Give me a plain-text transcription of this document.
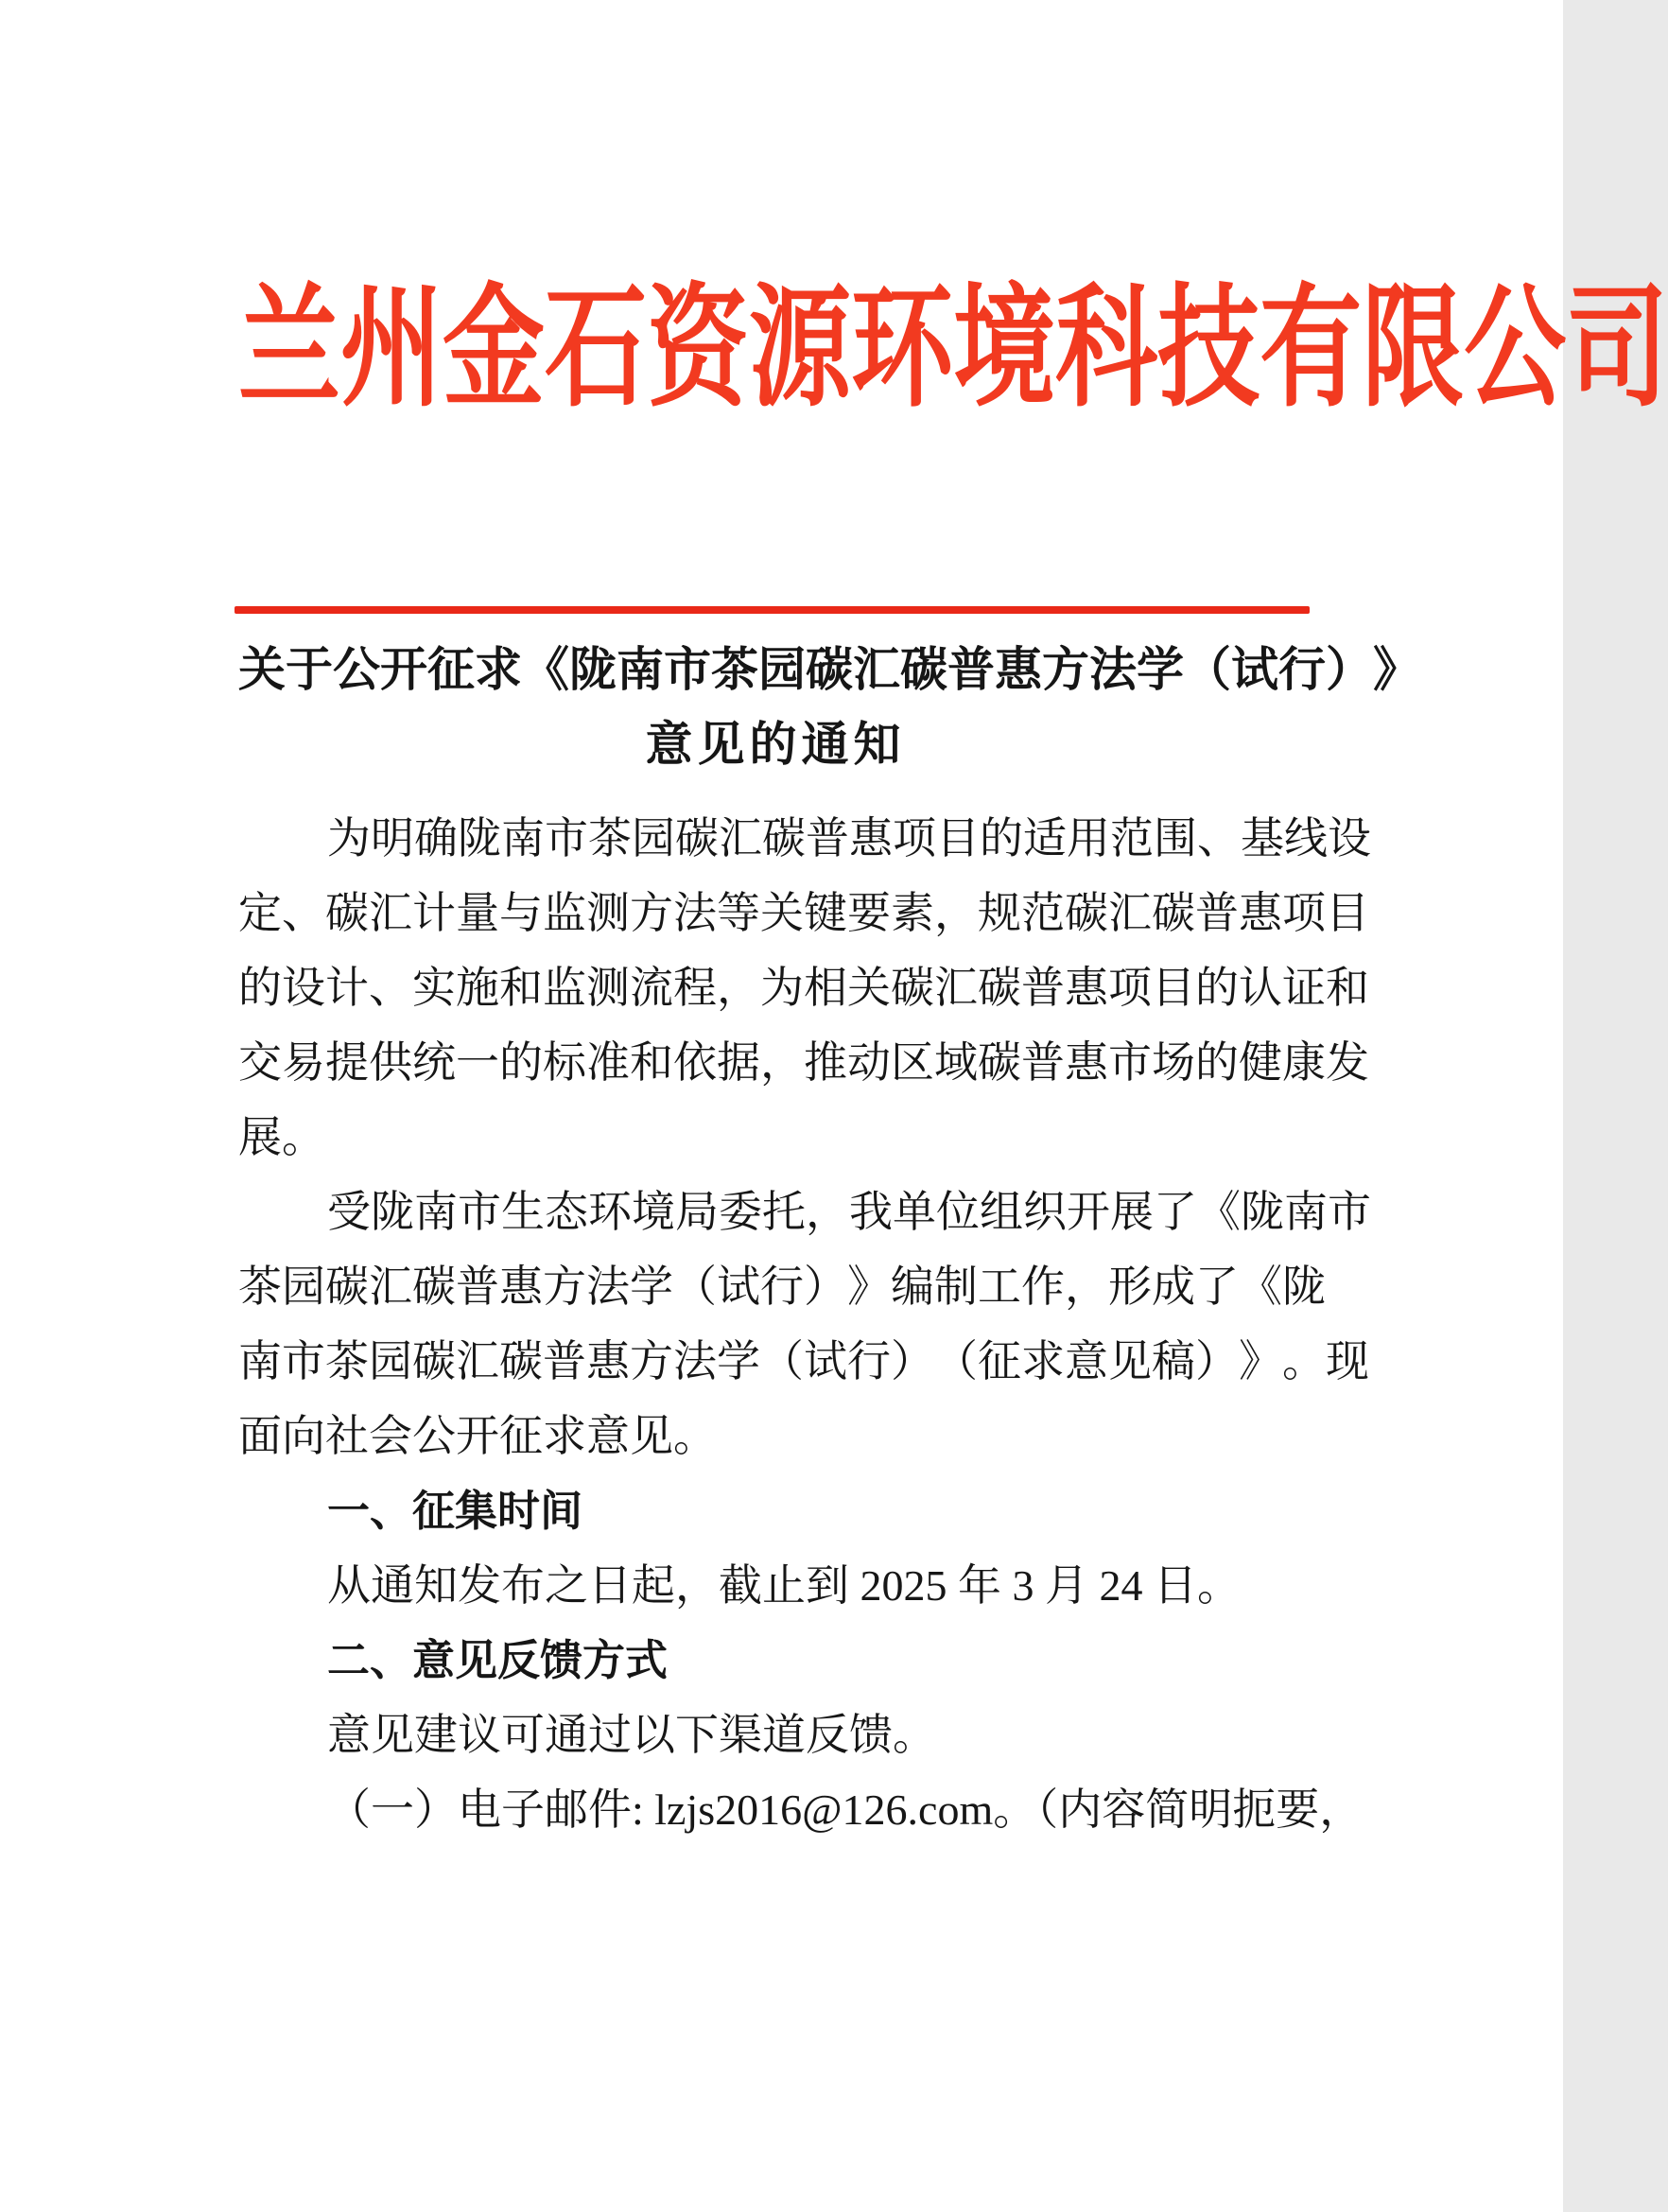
兰 州 金 石 资 源 环 境 科 技 有 限 公 司
关 于 公 开 征 求 《 陇 南 市 茶 园 碳 汇 碳 普 惠 方 法 学 （ 试 行 ） 》
意见的通知
为 明 确 陇 南 市 茶 园 碳 汇 碳 普 惠 项 目 的 适 用 范 围 、 基 线 设
定 、 碳 汇 计 量 与 监 测 方 法 等 关 键 要 素 ， 规 范 碳 汇 碳 普 惠 项 目
的 设 计 、 实 施 和 监 测 流 程 ， 为 相 关 碳 汇 碳 普 惠 项 目 的 认 证 和
交 易 提 供 统 一 的 标 准 和 依 据 ， 推 动 区 域 碳 普 惠 市 场 的 健 康 发
展。
受 陇 南 市 生 态 环 境 局 委 托 ， 我 单 位 组 织 开 展 了 《 陇 南 市
茶 园 碳 汇 碳 普 惠 方 法 学 （ 试 行 ） 》 编 制 工 作 ， 形 成 了 《 陇
南 市 茶 园 碳 汇 碳 普 惠 方 法 学 （ 试 行 ） （ 征 求 意 见 稿 ） 》 。 现
面向社会公开征求意见。
一、征集时间
从通知发布之日起，截止到 2025 年 3 月 24 日。
二、意见反馈方式
意见建议可通过以下渠道反馈。
（一）电子邮件: lzjs2016@126.com。（内容简明扼要，
